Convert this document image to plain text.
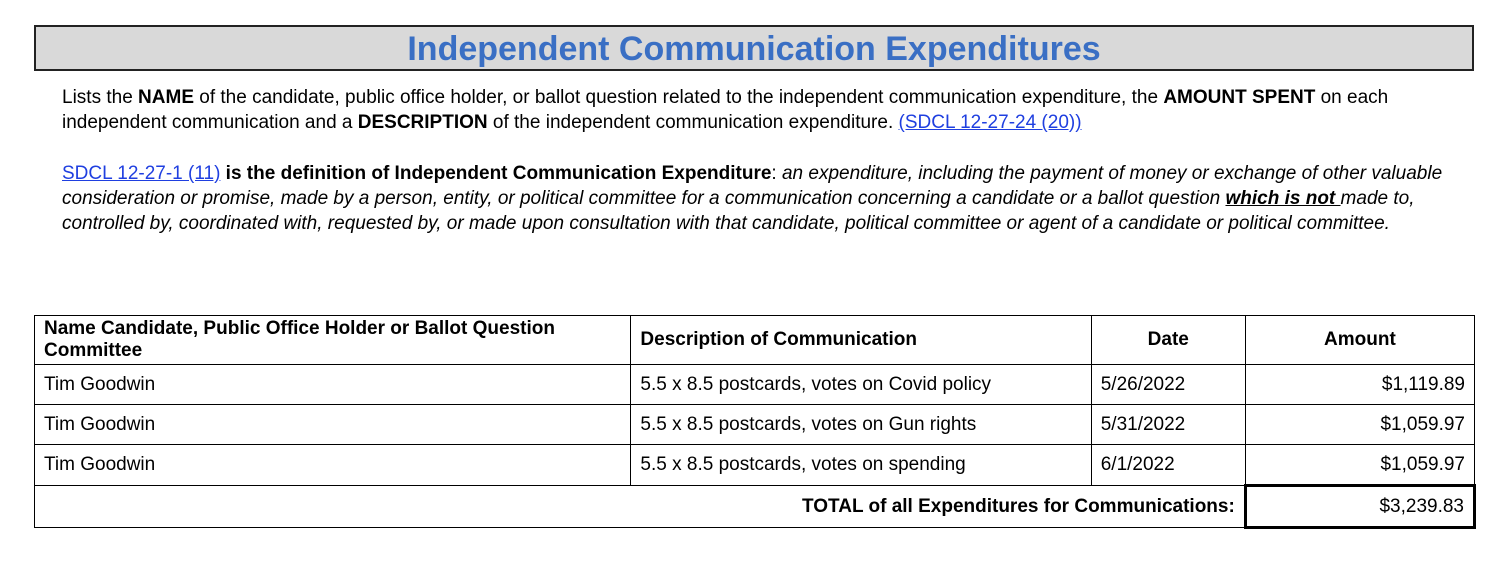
Independent Communication Expenditures
Lists the NAME of the candidate, public office holder, or ballot question related to the independent communication expenditure, the AMOUNT SPENT on each independent communication and a DESCRIPTION of the independent communication expenditure. (SDCL 12-27-24 (20))
SDCL 12-27-1 (11) is the definition of Independent Communication Expenditure: an expenditure, including the payment of money or exchange of other valuable consideration or promise, made by a person, entity, or political committee for a communication concerning a candidate or a ballot question which is not made to, controlled by, coordinated with, requested by, or made upon consultation with that candidate, political committee or agent of a candidate or political committee.
Name Candidate, Public Office Holder or Ballot Question Committee	Description of Communication	Date	Amount
Tim Goodwin	5.5 x 8.5 postcards, votes on Covid policy	5/26/2022	$1,119.89
Tim Goodwin	5.5 x 8.5 postcards, votes on Gun rights	5/31/2022	$1,059.97
Tim Goodwin	5.5 x 8.5 postcards, votes on spending	6/1/2022	$1,059.97
TOTAL of all Expenditures for Communications:			$3,239.83
